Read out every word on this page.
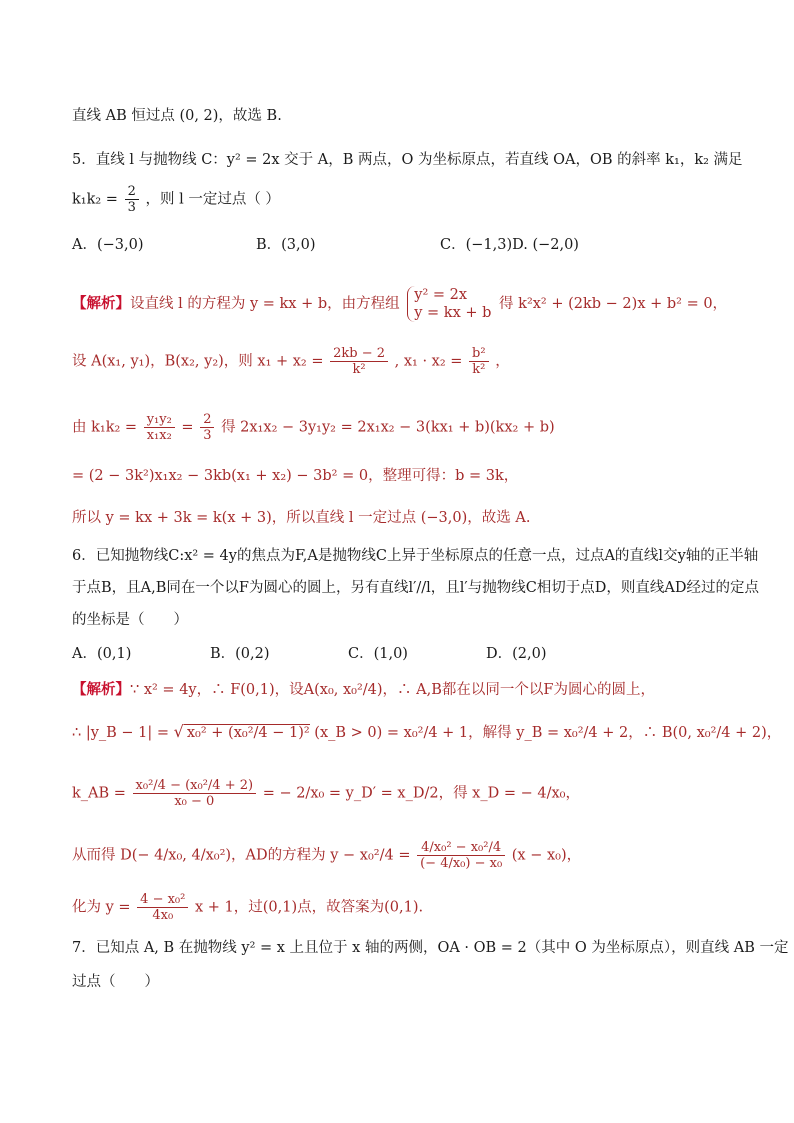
直线 AB 恒过点 (0, 2)，故选 B.
5．直线 l 与抛物线 C：y² = 2x 交于 A，B 两点，O 为坐标原点，若直线 OA，OB 的斜率 k₁，k₂ 满足
$k_1k_2 = \frac{2}{3}$ ，则 l 一定过点（ ）
A．(−3,0)	B．(3,0)	C．(−1,3)D. (−2,0)
【解析】设直线 l 的方程为 y = kx + b，由方程组
y² = 2x
y = kx + b
得 k²x² + (2kb − 2)x + b² = 0，
设 A(x₁, y₁)，B(x₂, y₂)，则 $x_1 + x_2 = \frac{2kb - 2}{\text{k²}}$ , $x_1 \cdot x_2 = \frac{\text{b²}}{\text{k²}}$ ，
由 $k_1k_2 = \frac{\text{y₁y₂}}{\text{x₁x₂}} = \frac{2}{3}$ 得 2x₁x₂ − 3y₁y₂ = 2x₁x₂ − 3(kx₁ + b)(kx₂ + b)
= (2 − 3k²)x₁x₂ − 3kb(x₁ + x₂) − 3b² = 0，整理可得：b = 3k，
所以 y = kx + 3k = k(x + 3)，所以直线 l 一定过点 (−3,0)，故选 A.
6．已知抛物线C:x² = 4y的焦点为F,A是抛物线C上异于坐标原点的任意一点，过点A的直线l交y轴的正半轴
于点B，且A,B同在一个以F为圆心的圆上，另有直线l′//l，且l′与抛物线C相切于点D，则直线AD经过的定点
的坐标是（　　）
A．(0,1)	B．(0,2)	C．(1,0)	D．(2,0)
【解析】∵ x² = 4y，∴ F(0,1)，设A(x₀, x₀²/4)，∴ A,B都在以同一个以F为圆心的圆上，
∴ |y_B − 1| = √ x₀² + (x₀²/4 − 1)² (x_B > 0) = x₀²/4 + 1，解得 y_B = x₀²/4 + 2，∴ B(0, x₀²/4 + 2)，
k_AB = $\frac{\text{x₀²/4 − (x₀²/4 + 2)}}{\text{x₀ − 0}}$ = − 2/x₀ = y_D′ = x_D/2，得 x_D = − 4/x₀，
从而得 D(− 4/x₀, 4/x₀²)，AD的方程为 $y - x_0^2/4 = \frac{\text{4/x₀² − x₀²/4}}{\text{(− 4/x₀) − x₀}} (x - x_0)$，
化为 $y = \frac{\text{4 − x₀²}}{\text{4x₀}}$ x + 1，过(0,1)点，故答案为(0,1).
7．已知点 A, B 在抛物线 y² = x 上且位于 x 轴的两侧，OA · OB = 2（其中 O 为坐标原点），则直线 AB 一定
过点（　　）
